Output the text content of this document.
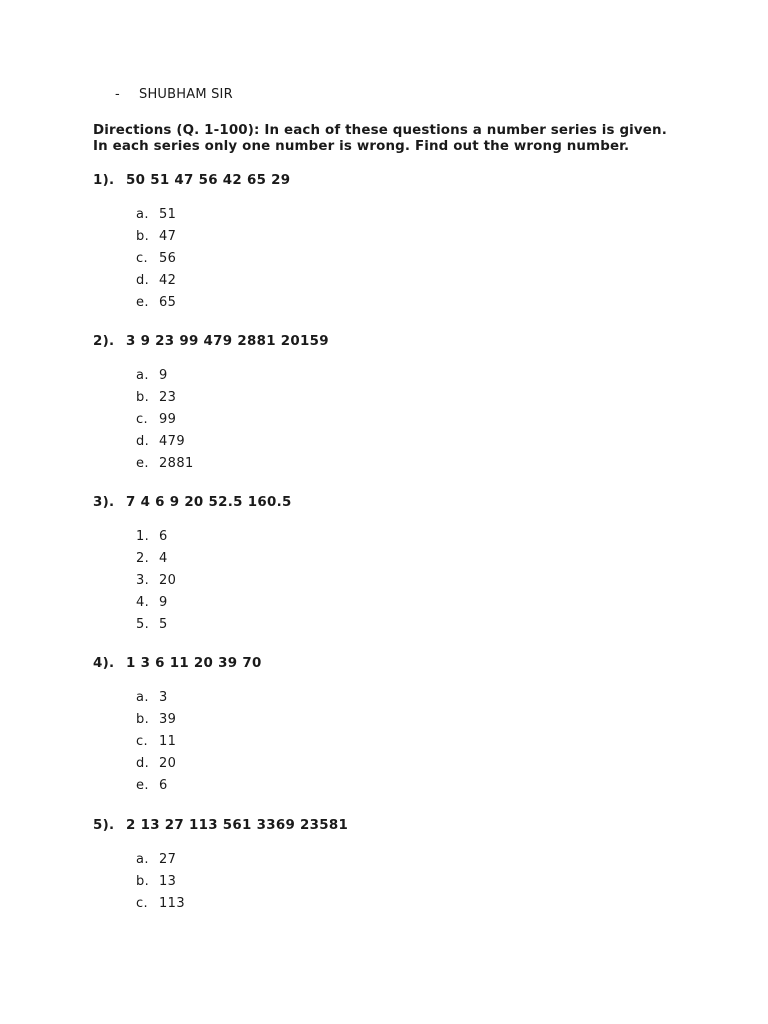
- SHUBHAM SIR
Directions (Q. 1-100): In each of these questions a number series is given.
In each series only one number is wrong. Find out the wrong number.
1). 50 51 47 56 42 65 29
a. 51
b. 47
c. 56
d. 42
e. 65
2). 3 9 23 99 479 2881 20159
a. 9
b. 23
c. 99
d. 479
e. 2881
3). 7 4 6 9 20 52.5 160.5
1. 6
2. 4
3. 20
4. 9
5. 5
4). 1 3 6 11 20 39 70
a. 3
b. 39
c. 11
d. 20
e. 6
5). 2 13 27 113 561 3369 23581
a. 27
b. 13
c. 113
